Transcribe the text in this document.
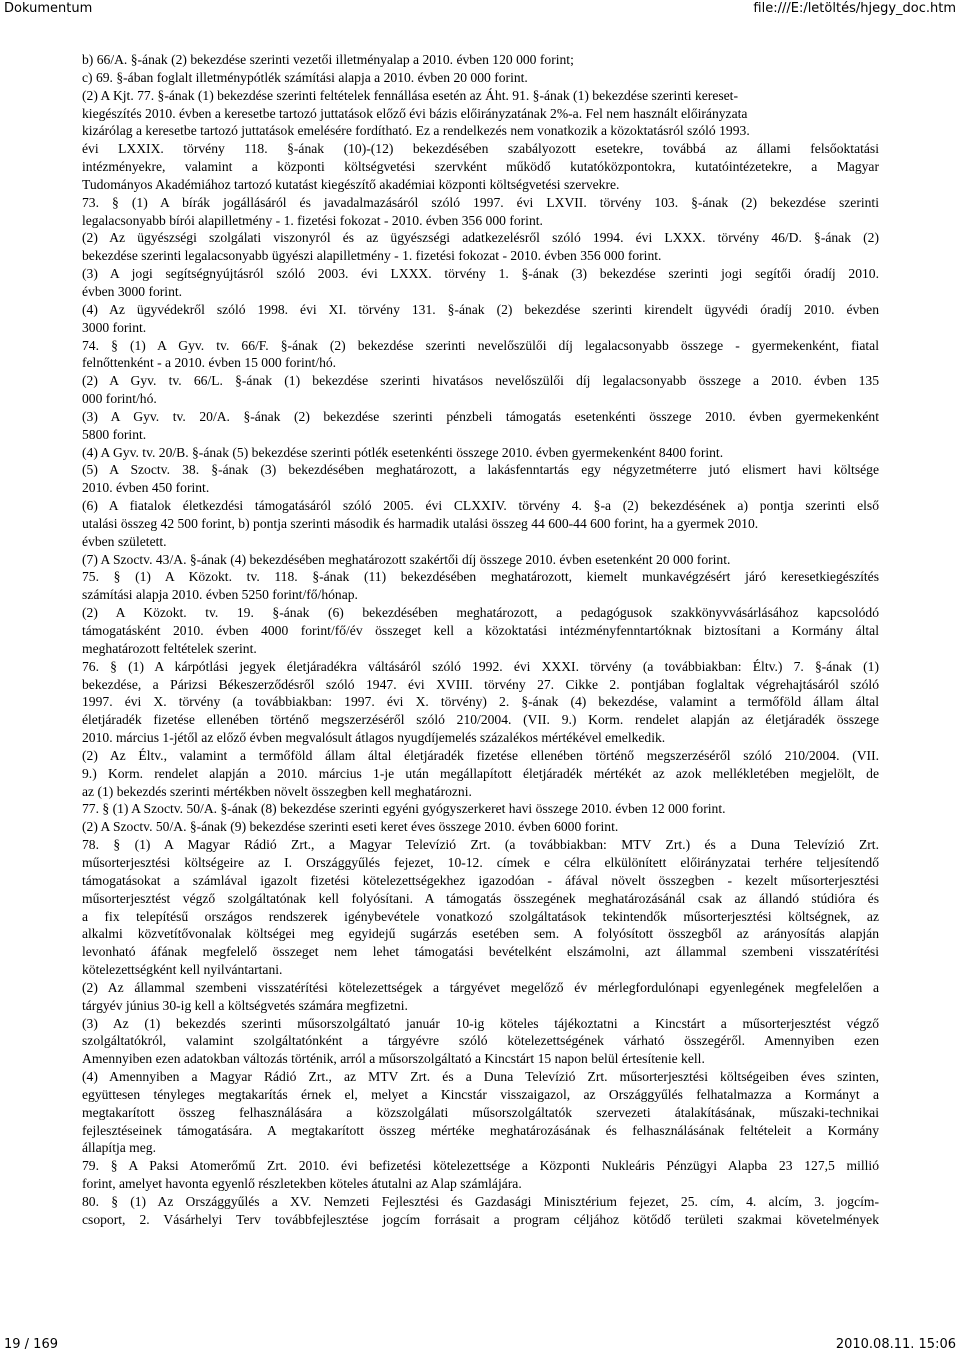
Dokumentum	file:///E:/letöltés/hjegy_doc.htm
b) 66/A. §-ának (2) bekezdése szerinti vezetői illetményalap a 2010. évben 120 000 forint;
c) 69. §-ában foglalt illetménypótlék számítási alapja a 2010. évben 20 000 forint.
(2) A Kjt. 77. §-ának (1) bekezdése szerinti feltételek fennállása esetén az Áht. 91. §-ának (1) bekezdése szerinti kereset-
kiegészítés 2010. évben a keresetbe tartozó juttatások előző évi bázis előirányzatának 2%-a. Fel nem használt előirányzata
kizárólag a keresetbe tartozó juttatások emelésére fordítható. Ez a rendelkezés nem vonatkozik a közoktatásról szóló 1993.
évi LXXIX. törvény 118. §-ának (10)-(12) bekezdésében szabályozott esetekre, továbbá az állami felsőoktatási
intézményekre, valamint a központi költségvetési szervként működő kutatóközpontokra, kutatóintézetekre, a Magyar
Tudományos Akadémiához tartozó kutatást kiegészítő akadémiai központi költségvetési szervekre.
73. § (1) A bírák jogállásáról és javadalmazásáról szóló 1997. évi LXVII. törvény 103. §-ának (2) bekezdése szerinti
legalacsonyabb bírói alapilletmény - 1. fizetési fokozat - 2010. évben 356 000 forint.
(2) Az ügyészségi szolgálati viszonyról és az ügyészségi adatkezelésről szóló 1994. évi LXXX. törvény 46/D. §-ának (2)
bekezdése szerinti legalacsonyabb ügyészi alapilletmény - 1. fizetési fokozat - 2010. évben 356 000 forint.
(3) A jogi segítségnyújtásról szóló 2003. évi LXXX. törvény 1. §-ának (3) bekezdése szerinti jogi segítői óradíj 2010.
évben 3000 forint.
(4) Az ügyvédekről szóló 1998. évi XI. törvény 131. §-ának (2) bekezdése szerinti kirendelt ügyvédi óradíj 2010. évben
3000 forint.
74. § (1) A Gyv. tv. 66/F. §-ának (2) bekezdése szerinti nevelőszülői díj legalacsonyabb összege - gyermekenként, fiatal
felnőttenként - a 2010. évben 15 000 forint/hó.
(2) A Gyv. tv. 66/L. §-ának (1) bekezdése szerinti hivatásos nevelőszülői díj legalacsonyabb összege a 2010. évben 135
000 forint/hó.
(3) A Gyv. tv. 20/A. §-ának (2) bekezdése szerinti pénzbeli támogatás esetenkénti összege 2010. évben gyermekenként
5800 forint.
(4) A Gyv. tv. 20/B. §-ának (5) bekezdése szerinti pótlék esetenkénti összege 2010. évben gyermekenként 8400 forint.
(5) A Szoctv. 38. §-ának (3) bekezdésében meghatározott, a lakásfenntartás egy négyzetméterre jutó elismert havi költsége
2010. évben 450 forint.
(6) A fiatalok életkezdési támogatásáról szóló 2005. évi CLXXIV. törvény 4. §-a (2) bekezdésének a) pontja szerinti első
utalási összeg 42 500 forint, b) pontja szerinti második és harmadik utalási összeg 44 600-44 600 forint, ha a gyermek 2010.
évben született.
(7) A Szoctv. 43/A. §-ának (4) bekezdésében meghatározott szakértői díj összege 2010. évben esetenként 20 000 forint.
75. § (1) A Közokt. tv. 118. §-ának (11) bekezdésében meghatározott, kiemelt munkavégzésért járó keresetkiegészítés
számítási alapja 2010. évben 5250 forint/fő/hónap.
(2) A Közokt. tv. 19. §-ának (6) bekezdésében meghatározott, a pedagógusok szakkönyvvásárlásához kapcsolódó
támogatásként 2010. évben 4000 forint/fő/év összeget kell a közoktatási intézményfenntartóknak biztosítani a Kormány által
meghatározott feltételek szerint.
76. § (1) A kárpótlási jegyek életjáradékra váltásáról szóló 1992. évi XXXI. törvény (a továbbiakban: Éltv.) 7. §-ának (1)
bekezdése, a Párizsi Békeszerződésről szóló 1947. évi XVIII. törvény 27. Cikke 2. pontjában foglaltak végrehajtásáról szóló
1997. évi X. törvény (a továbbiakban: 1997. évi X. törvény) 2. §-ának (4) bekezdése, valamint a termőföld állam által
életjáradék fizetése ellenében történő megszerzéséről szóló 210/2004. (VII. 9.) Korm. rendelet alapján az életjáradék összege
2010. március 1-jétől az előző évben megvalósult átlagos nyugdíjemelés százalékos mértékével emelkedik.
(2) Az Éltv., valamint a termőföld állam által életjáradék fizetése ellenében történő megszerzéséről szóló 210/2004. (VII.
9.) Korm. rendelet alapján a 2010. március 1-je után megállapított életjáradék mértékét az azok mellékletében megjelölt, de
az (1) bekezdés szerinti mértékben növelt összegben kell meghatározni.
77. § (1) A Szoctv. 50/A. §-ának (8) bekezdése szerinti egyéni gyógyszerkeret havi összege 2010. évben 12 000 forint.
(2) A Szoctv. 50/A. §-ának (9) bekezdése szerinti eseti keret éves összege 2010. évben 6000 forint.
78. § (1) A Magyar Rádió Zrt., a Magyar Televízió Zrt. (a továbbiakban: MTV Zrt.) és a Duna Televízió Zrt.
műsorterjesztési költségeire az I. Országgyűlés fejezet, 10-12. címek e célra elkülönített előirányzatai terhére teljesítendő
támogatásokat a számlával igazolt fizetési kötelezettségekhez igazodóan - áfával növelt összegben - kezelt műsorterjesztési
műsorterjesztést végző szolgáltatónak kell folyósítani. A támogatás összegének meghatározásánál csak az állandó stúdióra és
a fix telepítésű országos rendszerek igénybevétele vonatkozó szolgáltatások tekintendők műsorterjesztési költségnek, az
alkalmi közvetítővonalak költségei meg egyidejű sugárzás esetében sem. A folyósított összegből az arányosítás alapján
levonható áfának megfelelő összeget nem lehet támogatási bevételként elszámolni, azt állammal szembeni visszatérítési
kötelezettségként kell nyilvántartani.
(2) Az állammal szembeni visszatérítési kötelezettségek a tárgyévet megelőző év mérlegfordulónapi egyenlegének megfelelően a
tárgyév június 30-ig kell a költségvetés számára megfizetni.
(3) Az (1) bekezdés szerinti műsorszolgáltató január 10-ig köteles tájékoztatni a Kincstárt a műsorterjesztést végző
szolgáltatókról, valamint szolgáltatónként a tárgyévre szóló kötelezettségének várható összegéről. Amennyiben ezen
Amennyiben ezen adatokban változás történik, arról a műsorszolgáltató a Kincstárt 15 napon belül értesítenie kell.
(4) Amennyiben a Magyar Rádió Zrt., az MTV Zrt. és a Duna Televízió Zrt. műsorterjesztési költségeiben éves szinten,
együttesen tényleges megtakarítás érnek el, melyet a Kincstár visszaigazol, az Országgyűlés felhatalmazza a Kormányt a
megtakarított összeg felhasználására a közszolgálati műsorszolgáltatók szervezeti átalakításának, műszaki-technikai
fejlesztéseinek támogatására. A megtakarított összeg mértéke meghatározásának és felhasználásának feltételeit a Kormány
állapítja meg.
79. § A Paksi Atomerőmű Zrt. 2010. évi befizetési kötelezettsége a Központi Nukleáris Pénzügyi Alapba 23 127,5 millió
forint, amelyet havonta egyenlő részletekben köteles átutalni az Alap számlájára.
80. § (1) Az Országgyűlés a XV. Nemzeti Fejlesztési és Gazdasági Minisztérium fejezet, 25. cím, 4. alcím, 3. jogcím-
csoport, 2. Vásárhelyi Terv továbbfejlesztése jogcím forrásait a program céljához kötődő területi szakmai követelmények
19 / 169	2010.08.11. 15:06
